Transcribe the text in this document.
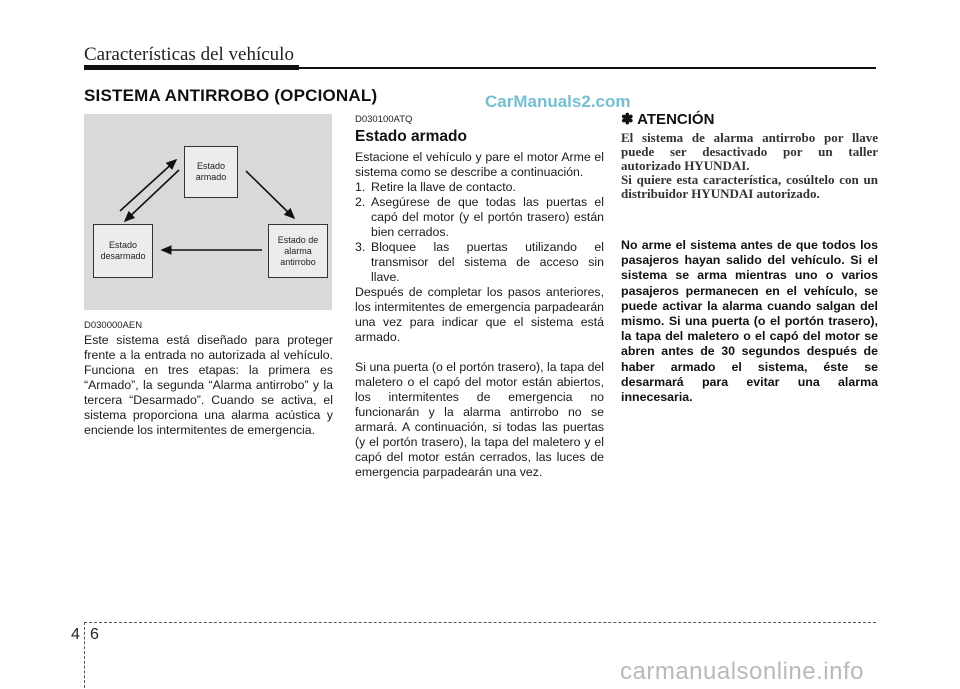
Características del vehículo
SISTEMA ANTIRROBO (OPCIONAL)	CarManuals2.com
Estado armado
Estado desarmado
Estado de alarma antirrobo
D030000AEN
Este sistema está diseñado para proteger frente a la entrada no autorizada al vehículo. Funciona en tres etapas: la primera es “Armado”, la segunda “Alarma antirrobo” y la tercera “Desarmado”. Cuando se activa, el sistema proporciona una alarma acústica y enciende los intermitentes de emergencia.
D030100ATQ
Estado armado

Estacione el vehículo y pare el motor Arme el sistema como se describe a continuación.

1. Retire la llave de contacto.
2. Asegúrese de que todas las puertas el capó del motor (y el portón trasero) están bien cerrados.
3. Bloquee las puertas utilizando el transmisor del sistema de acceso sin llave.

Después de completar los pasos anteriores, los intermitentes de emergencia parpadearán una vez para indicar que el sistema está armado.

Si una puerta (o el portón trasero), la tapa del maletero o el capó del motor están abiertos, los intermitentes de emergencia no funcionarán y la alarma antirrobo no se armará. A continuación, si todas las puertas (y el portón trasero), la tapa del maletero y el capó del motor están cerrados, las luces de emergencia parpadearán una vez.

✽ ATENCIÓN
El sistema de alarma antirrobo por llave puede ser desactivado por un taller autorizado HYUNDAI.
Si quiere esta característica, cosúltelo con un distribuidor HYUNDAI autorizado.
No arme el sistema antes de que todos los pasajeros hayan salido del vehículo. Si el sistema se arma mientras uno o varios pasajeros permanecen en el vehículo, se puede activar la alarma cuando salgan del mismo. Si una puerta (o el portón trasero), la tapa del maletero o el capó del motor se abren antes de 30 segundos después de haber armado el sistema, éste se desarmará para evitar una alarma innecesaria.
4 6
carmanualsonline.info
